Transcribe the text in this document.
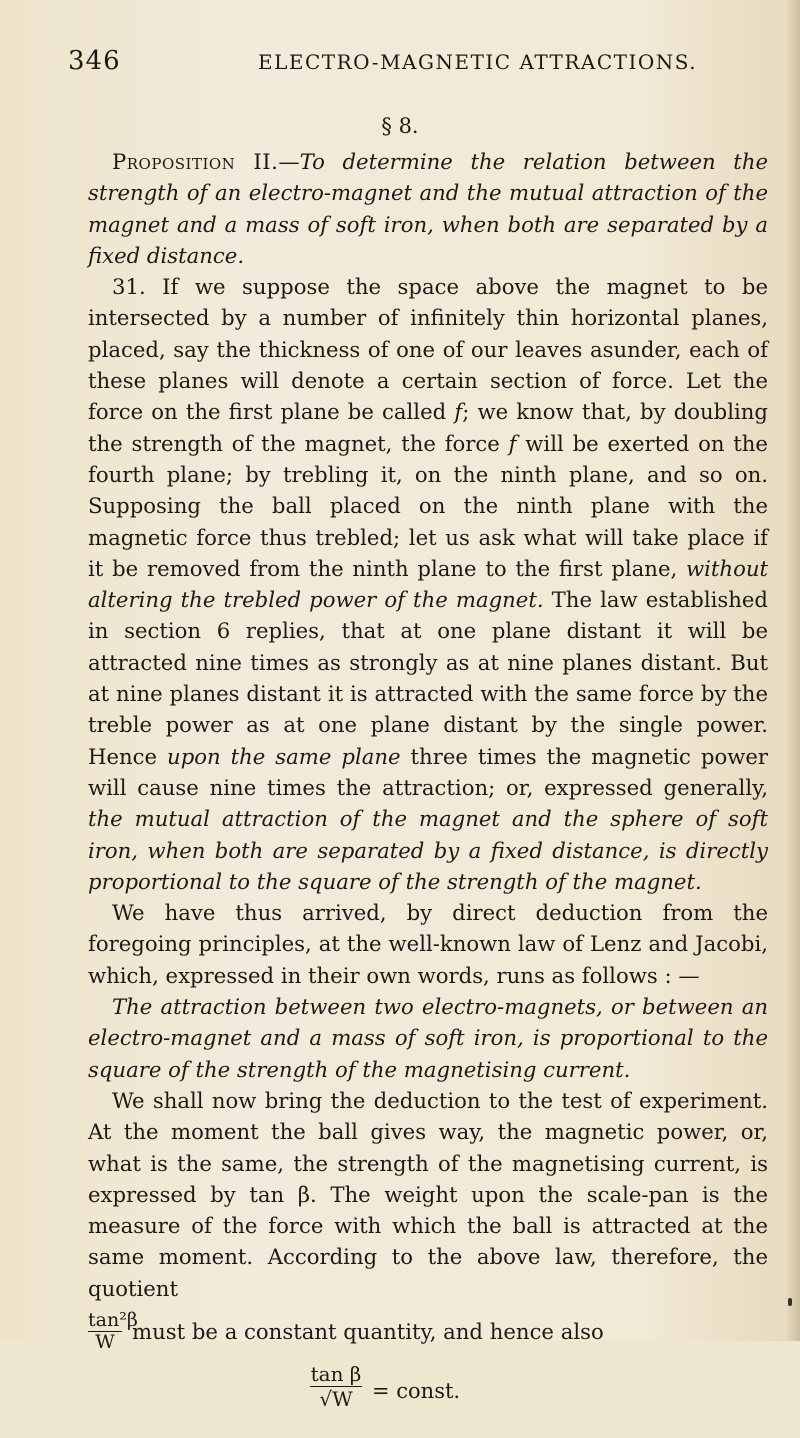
346	ELECTRO-MAGNETIC ATTRACTIONS.
§ 8.

Proposition II.—To determine the relation between the strength of an electro-magnet and the mutual attraction of the magnet and a mass of soft iron, when both are separated by a fixed distance.

31. If we suppose the space above the magnet to be intersected by a number of infinitely thin horizontal planes, placed, say the thickness of one of our leaves asunder, each of these planes will denote a certain section of force. Let the force on the first plane be called f; we know that, by doubling the strength of the magnet, the force f will be exerted on the fourth plane; by trebling it, on the ninth plane, and so on. Supposing the ball placed on the ninth plane with the magnetic force thus trebled; let us ask what will take place if it be removed from the ninth plane to the first plane, without altering the trebled power of the magnet. The law established in section 6 replies, that at one plane distant it will be attracted nine times as strongly as at nine planes distant. But at nine planes distant it is attracted with the same force by the treble power as at one plane distant by the single power. Hence upon the same plane three times the magnetic power will cause nine times the attraction; or, expressed generally, the mutual attraction of the magnet and the sphere of soft iron, when both are separated by a fixed distance, is directly proportional to the square of the strength of the magnet.

We have thus arrived, by direct deduction from the foregoing principles, at the well-known law of Lenz and Jacobi, which, expressed in their own words, runs as follows : —

The attraction between two electro-magnets, or between an electro-magnet and a mass of soft iron, is proportional to the square of the strength of the magnetising current.

We shall now bring the deduction to the test of experiment. At the moment the ball gives way, the magnetic power, or, what is the same, the strength of the magnetising current, is expressed by tan β. The weight upon the scale-pan is the measure of the force with which the ball is attracted at the same moment. According to the above law, therefore, the quotient

$\frac{\text{tan²β}}{W}$ must be a constant quantity, and hence also
$\frac{\text{tan β}}{√W}$ = const.
